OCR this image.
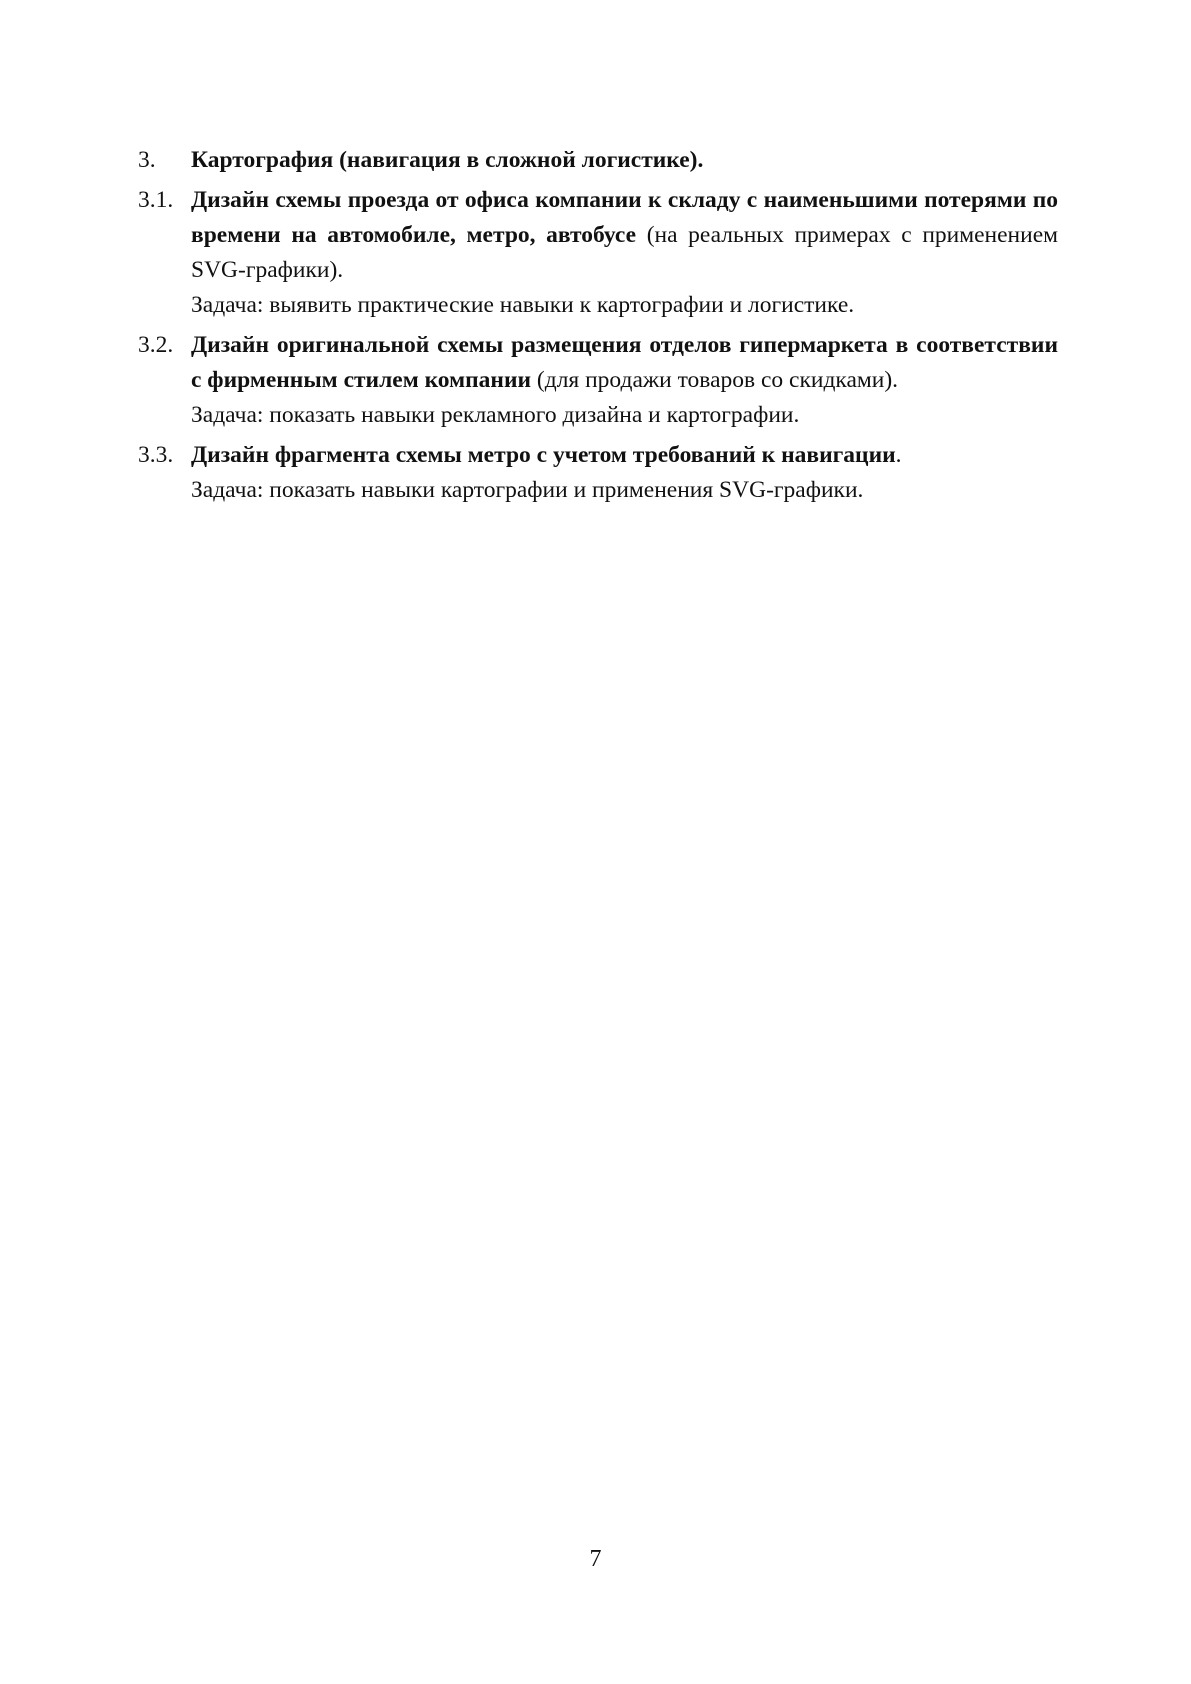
3. Картография (навигация в сложной логистике).
3.1. Дизайн схемы проезда от офиса компании к складу с наименьшими потерями по времени на автомобиле, метро, автобусе (на реальных примерах с применением SVG-графики).
Задача: выявить практические навыки к картографии и логистике.
3.2. Дизайн оригинальной схемы размещения отделов гипермаркета в соответствии с фирменным стилем компании (для продажи товаров со скидками).
Задача: показать навыки рекламного дизайна и картографии.
3.3. Дизайн фрагмента схемы метро с учетом требований к навигации.
Задача: показать навыки картографии и применения SVG-графики.
7
